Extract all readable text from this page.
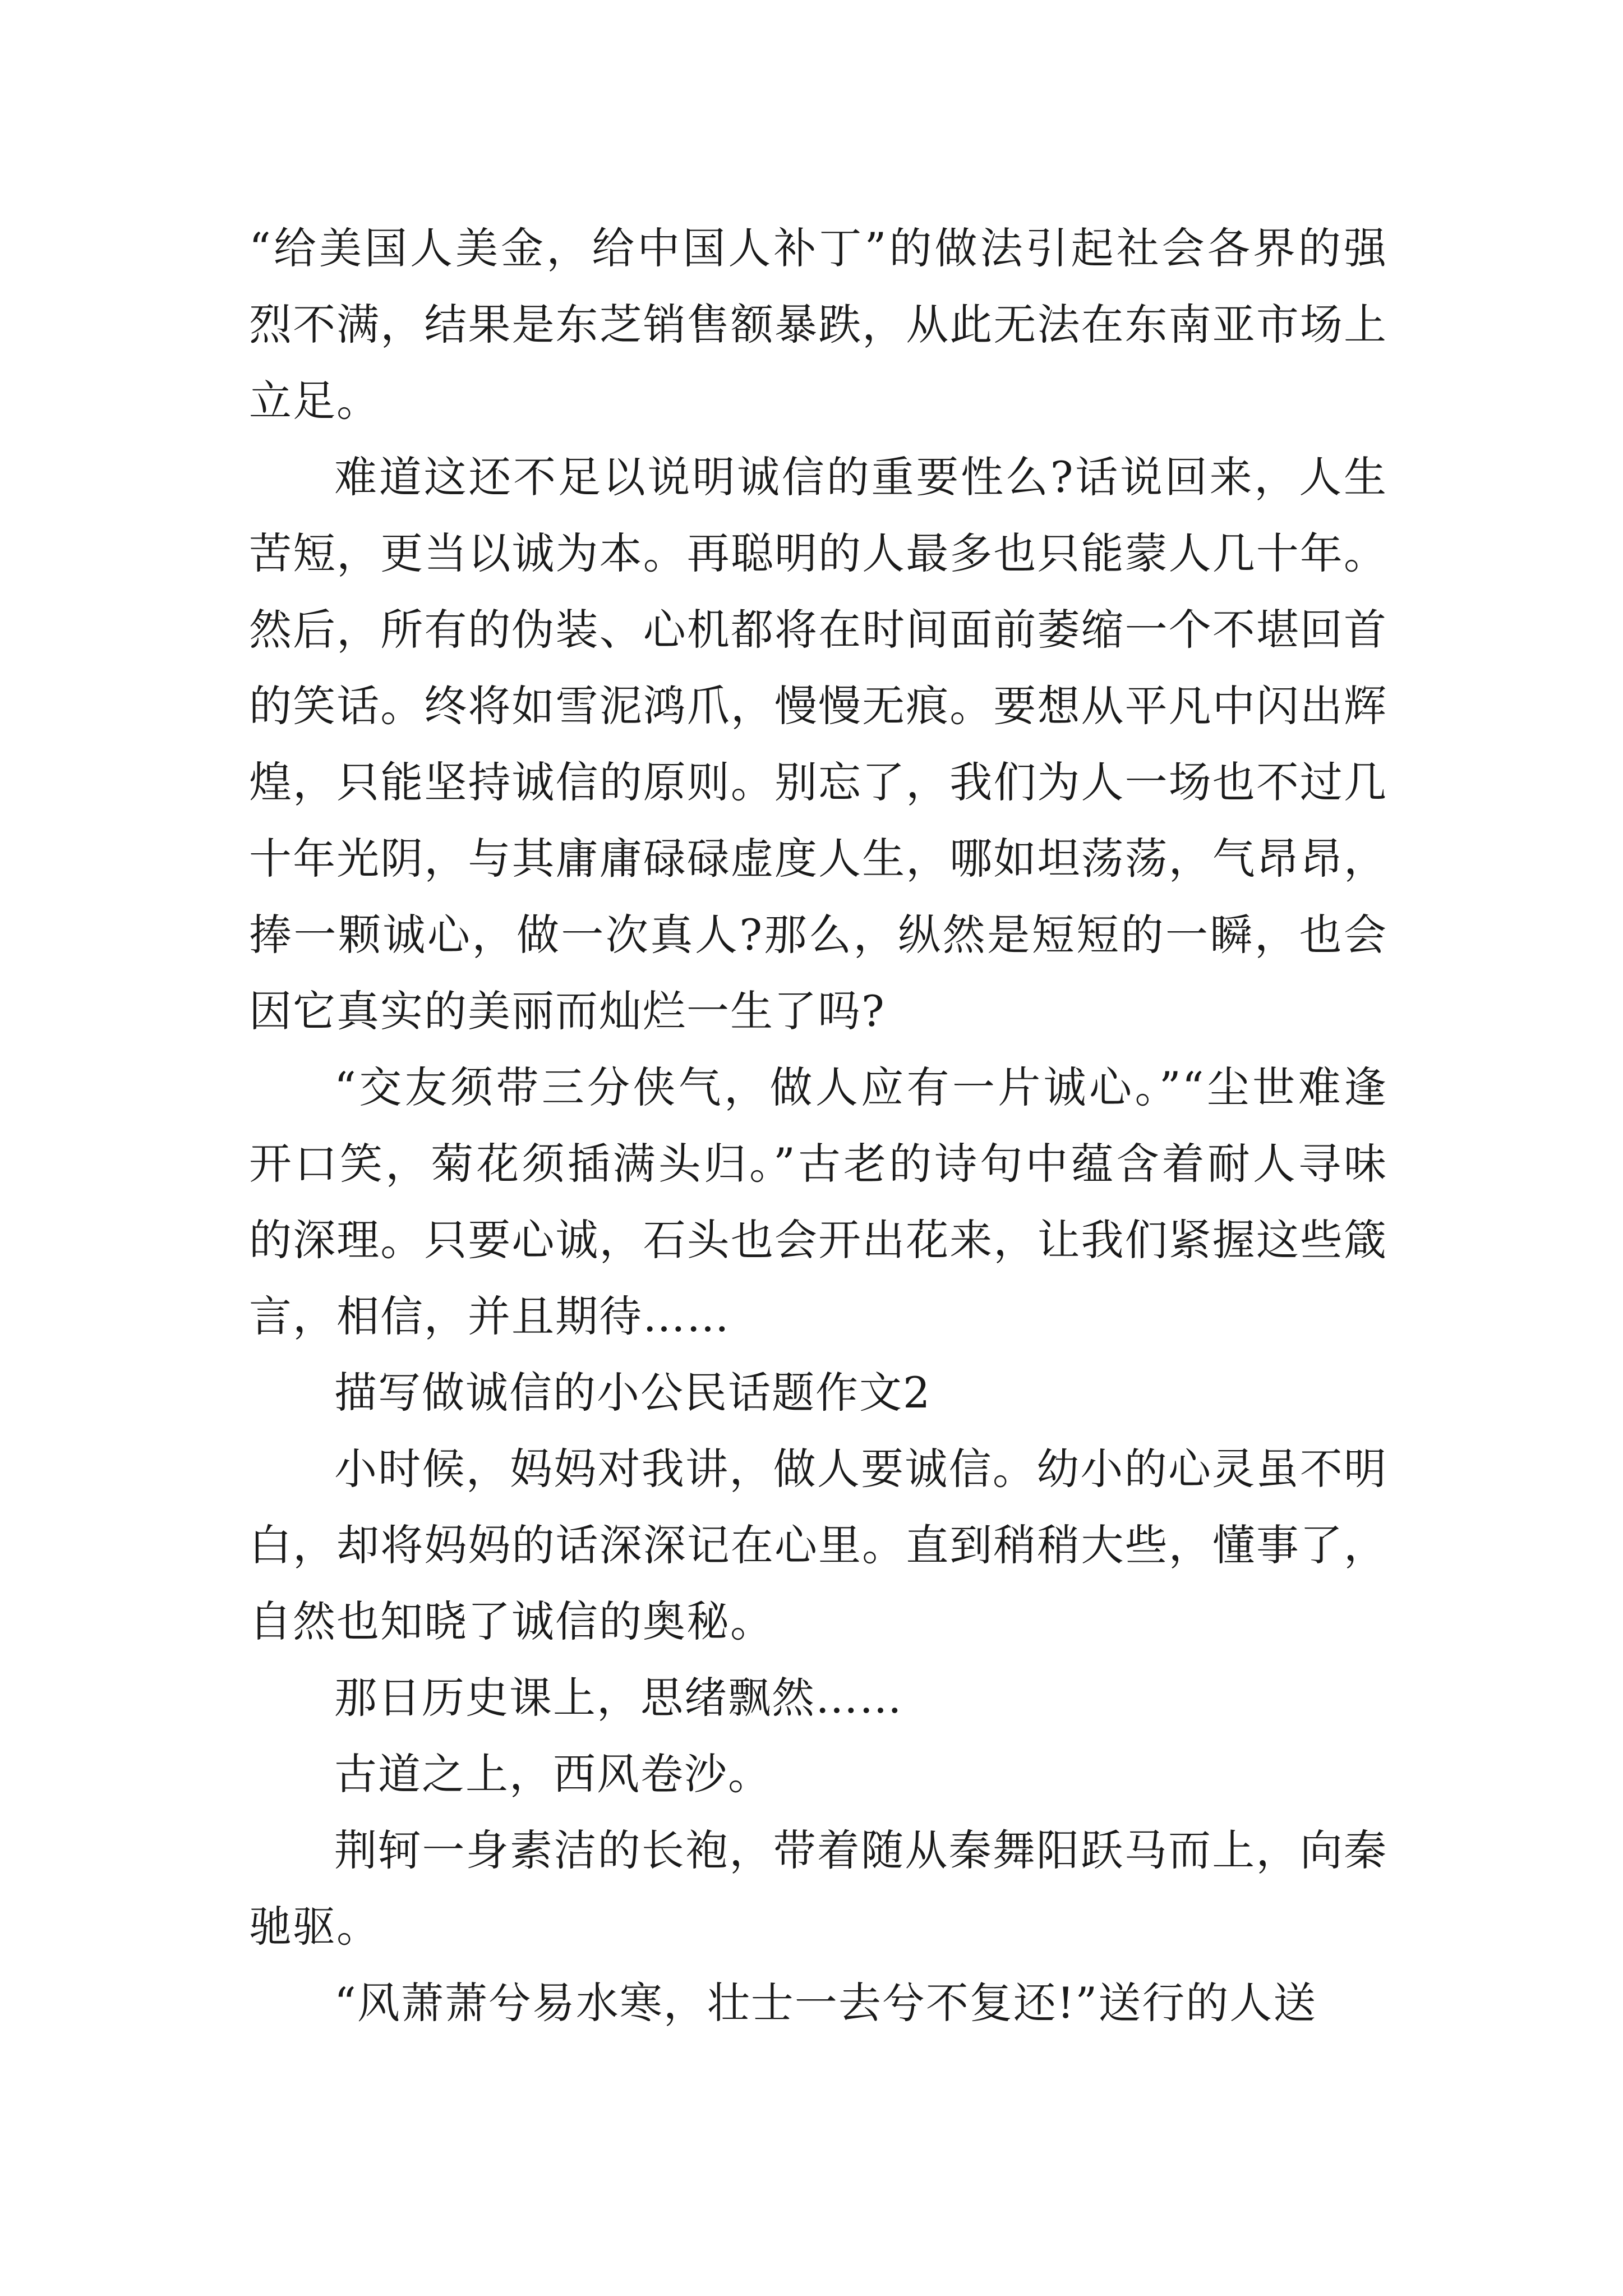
“给美国人美金，给中国人补丁”的做法引起社会各界的强烈不满，结果是东芝销售额暴跌，从此无法在东南亚市场上立足。

难道这还不足以说明诚信的重要性么?话说回来，人生苦短，更当以诚为本。再聪明的人最多也只能蒙人几十年。然后，所有的伪装、心机都将在时间面前萎缩一个不堪回首的笑话。终将如雪泥鸿爪，慢慢无痕。要想从平凡中闪出辉煌，只能坚持诚信的原则。别忘了，我们为人一场也不过几十年光阴，与其庸庸碌碌虚度人生，哪如坦荡荡，气昂昂，捧一颗诚心，做一次真人?那么，纵然是短短的一瞬，也会因它真实的美丽而灿烂一生了吗?

“交友须带三分侠气，做人应有一片诚心。”“尘世难逢开口笑，菊花须插满头归。”古老的诗句中蕴含着耐人寻味的深理。只要心诚，石头也会开出花来，让我们紧握这些箴言，相信，并且期待……

描写做诚信的小公民话题作文2

小时候，妈妈对我讲，做人要诚信。幼小的心灵虽不明白，却将妈妈的话深深记在心里。直到稍稍大些，懂事了，自然也知晓了诚信的奥秘。

那日历史课上，思绪飘然……

古道之上，西风卷沙。

荆轲一身素洁的长袍，带着随从秦舞阳跃马而上，向秦驰驱。

“风萧萧兮易水寒，壮士一去兮不复还!”送行的人送
